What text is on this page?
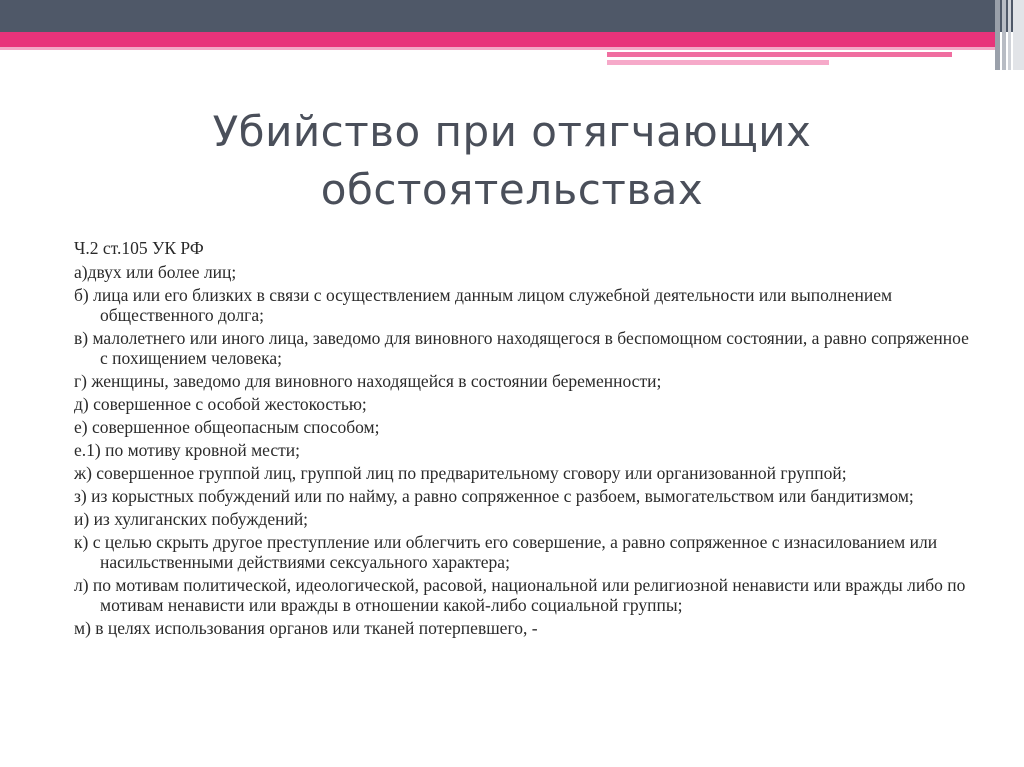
Убийство при отягчающих
обстоятельствах

Ч.2 ст.105 УК РФ

а)двух или более лиц;

б) лица или его близких в связи с осуществлением данным лицом служебной деятельности или выполнением общественного долга;

в) малолетнего или иного лица, заведомо для виновного находящегося в беспомощном состоянии, а равно сопряженное с похищением человека;

г) женщины, заведомо для виновного находящейся в состоянии беременности;

д) совершенное с особой жестокостью;

е) совершенное общеопасным способом;

е.1) по мотиву кровной мести;

ж) совершенное группой лиц, группой лиц по предварительному сговору или организованной группой;

з) из корыстных побуждений или по найму, а равно сопряженное с разбоем, вымогательством или бандитизмом;

и) из хулиганских побуждений;

к) с целью скрыть другое преступление или облегчить его совершение, а равно сопряженное с изнасилованием или насильственными действиями сексуального характера;

л) по мотивам политической, идеологической, расовой, национальной или религиозной ненависти или вражды либо по мотивам ненависти или вражды в отношении какой-либо социальной группы;

м) в целях использования органов или тканей потерпевшего, -
